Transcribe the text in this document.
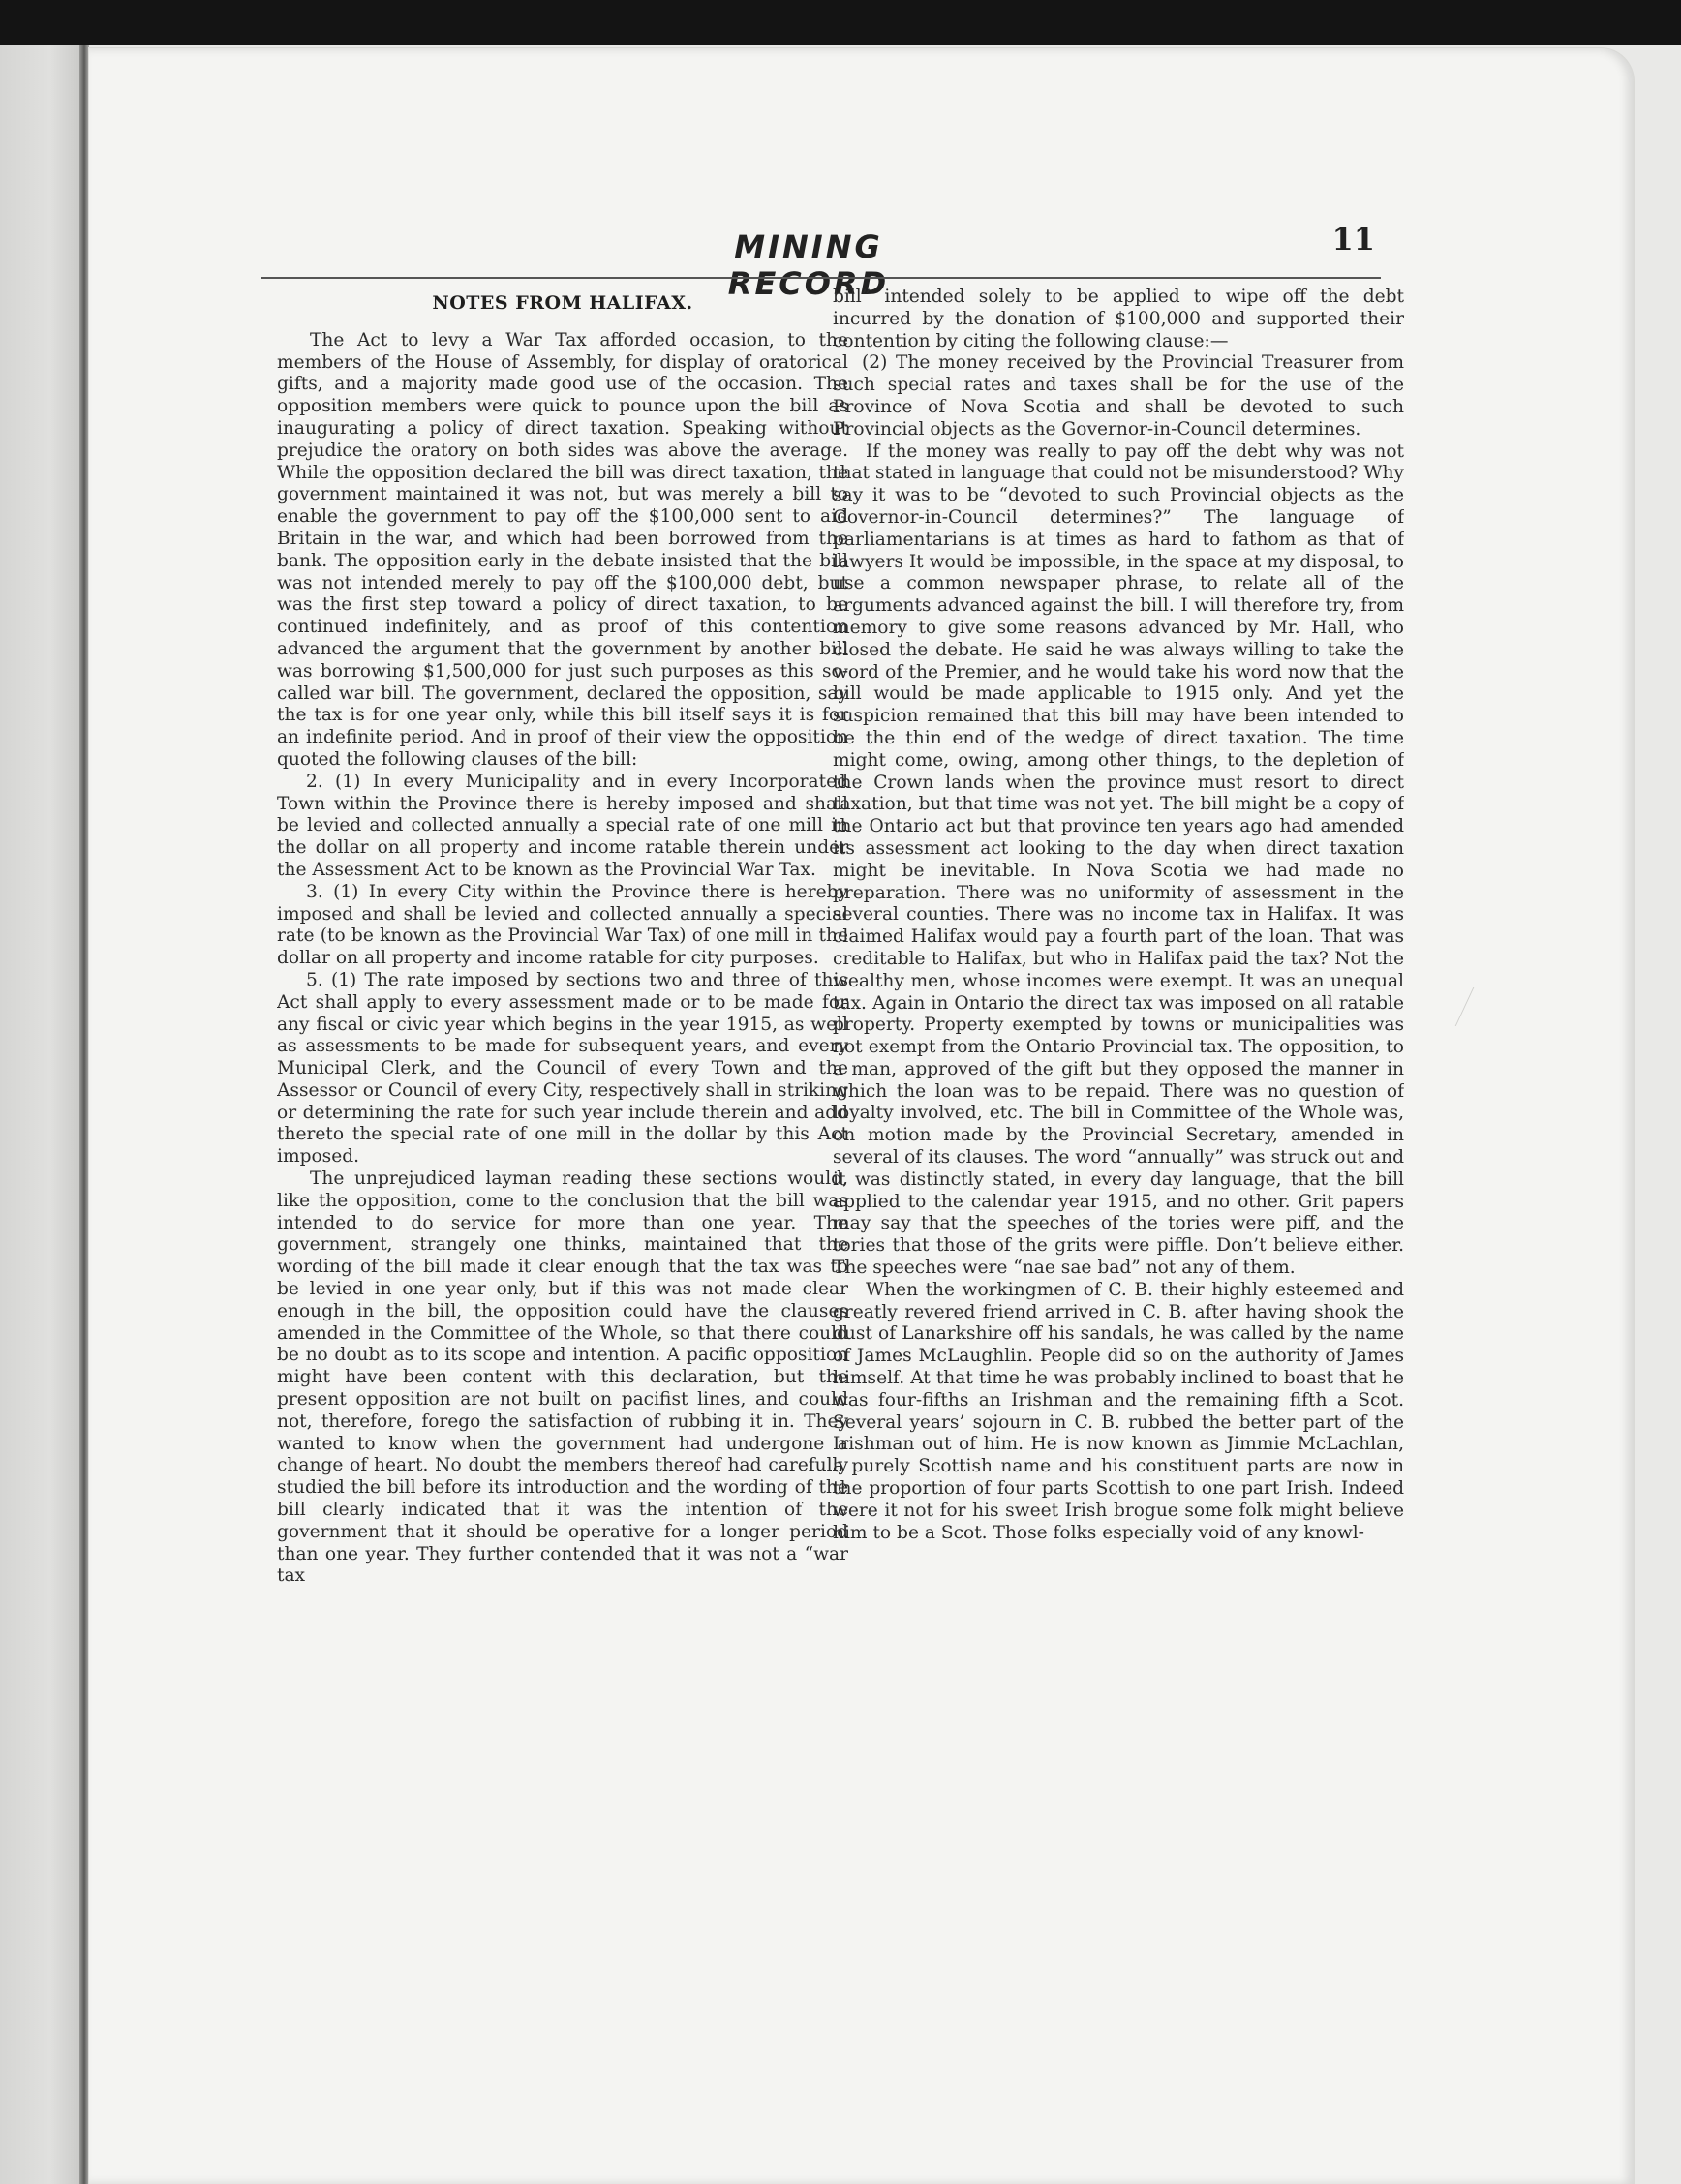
MINING RECORD
11
NOTES FROM HALIFAX.

The Act to levy a War Tax afforded occasion, to the members of the House of Assembly, for display of oratorical gifts, and a majority made good use of the occasion. The opposition members were quick to pounce upon the bill as inaugurating a policy of direct taxation. Speaking without prejudice the oratory on both sides was above the average. While the opposition declared the bill was direct taxation, the government maintained it was not, but was merely a bill to enable the government to pay off the $100,000 sent to aid Britain in the war, and which had been borrowed from the bank. The opposition early in the debate insisted that the bill was not intended merely to pay off the $100,000 debt, but was the first step toward a policy of direct taxation, to be continued indefinitely, and as proof of this contention advanced the argument that the government by another bill was borrowing $1,500,000 for just such purposes as this so-called war bill. The government, declared the opposition, say the tax is for one year only, while this bill itself says it is for an indefinite period. And in proof of their view the opposition quoted the following clauses of the bill:

2. (1) In every Municipality and in every Incorporated Town within the Province there is hereby imposed and shall be levied and collected annually a special rate of one mill in the dollar on all property and income ratable therein under the Assessment Act to be known as the Provincial War Tax.

3. (1) In every City within the Province there is hereby imposed and shall be levied and collected annually a special rate (to be known as the Provincial War Tax) of one mill in the dollar on all property and income ratable for city purposes.

5. (1) The rate imposed by sections two and three of this Act shall apply to every assessment made or to be made for any fiscal or civic year which begins in the year 1915, as well as assessments to be made for subsequent years, and every Municipal Clerk, and the Council of every Town and the Assessor or Council of every City, respectively shall in striking or determining the rate for such year include therein and add thereto the special rate of one mill in the dollar by this Act imposed.

The unprejudiced layman reading these sections would, like the opposition, come to the conclusion that the bill was intended to do service for more than one year. The government, strangely one thinks, maintained that the wording of the bill made it clear enough that the tax was to be levied in one year only, but if this was not made clear enough in the bill, the opposition could have the clauses amended in the Committee of the Whole, so that there could be no doubt as to its scope and intention. A pacific opposition might have been content with this declaration, but the present opposition are not built on pacifist lines, and could not, therefore, forego the satisfaction of rubbing it in. They wanted to know when the government had undergone a change of heart. No doubt the members thereof had carefully studied the bill before its introduction and the wording of the bill clearly indicated that it was the intention of the government that it should be operative for a longer period than one year. They further contended that it was not a “war tax

bill” intended solely to be applied to wipe off the debt incurred by the donation of $100,000 and supported their contention by citing the following clause:—

(2) The money received by the Provincial Treasurer from such special rates and taxes shall be for the use of the Province of Nova Scotia and shall be devoted to such Provincial objects as the Governor-in-Council determines.

If the money was really to pay off the debt why was not that stated in language that could not be misunderstood? Why say it was to be “devoted to such Provincial objects as the Governor-in-Council determines?” The language of parliamentarians is at times as hard to fathom as that of lawyers It would be impossible, in the space at my disposal, to use a common newspaper phrase, to relate all of the arguments advanced against the bill. I will therefore try, from memory to give some reasons advanced by Mr. Hall, who closed the debate. He said he was always willing to take the word of the Premier, and he would take his word now that the bill would be made applicable to 1915 only. And yet the suspicion remained that this bill may have been intended to be the thin end of the wedge of direct taxation. The time might come, owing, among other things, to the depletion of the Crown lands when the province must resort to direct taxation, but that time was not yet. The bill might be a copy of the Ontario act but that province ten years ago had amended its assessment act looking to the day when direct taxation might be inevitable. In Nova Scotia we had made no preparation. There was no uniformity of assessment in the several counties. There was no income tax in Halifax. It was claimed Halifax would pay a fourth part of the loan. That was creditable to Halifax, but who in Halifax paid the tax? Not the wealthy men, whose incomes were exempt. It was an unequal tax. Again in Ontario the direct tax was imposed on all ratable property. Property exempted by towns or municipalities was not exempt from the Ontario Provincial tax. The opposition, to a man, approved of the gift but they opposed the manner in which the loan was to be repaid. There was no question of loyalty involved, etc. The bill in Committee of the Whole was, on motion made by the Provincial Secretary, amended in several of its clauses. The word “annually” was struck out and it was distinctly stated, in every day language, that the bill applied to the calendar year 1915, and no other. Grit papers may say that the speeches of the tories were piff, and the tories that those of the grits were piffle. Don’t believe either. The speeches were “nae sae bad” not any of them.

When the workingmen of C. B. their highly esteemed and greatly revered friend arrived in C. B. after having shook the dust of Lanarkshire off his sandals, he was called by the name of James McLaughlin. People did so on the authority of James himself. At that time he was probably inclined to boast that he was four-fifths an Irishman and the remaining fifth a Scot. Several years’ sojourn in C. B. rubbed the better part of the Irishman out of him. He is now known as Jimmie McLachlan, a purely Scottish name and his constituent parts are now in the proportion of four parts Scottish to one part Irish. Indeed were it not for his sweet Irish brogue some folk might believe him to be a Scot. Those folks especially void of any knowl-
